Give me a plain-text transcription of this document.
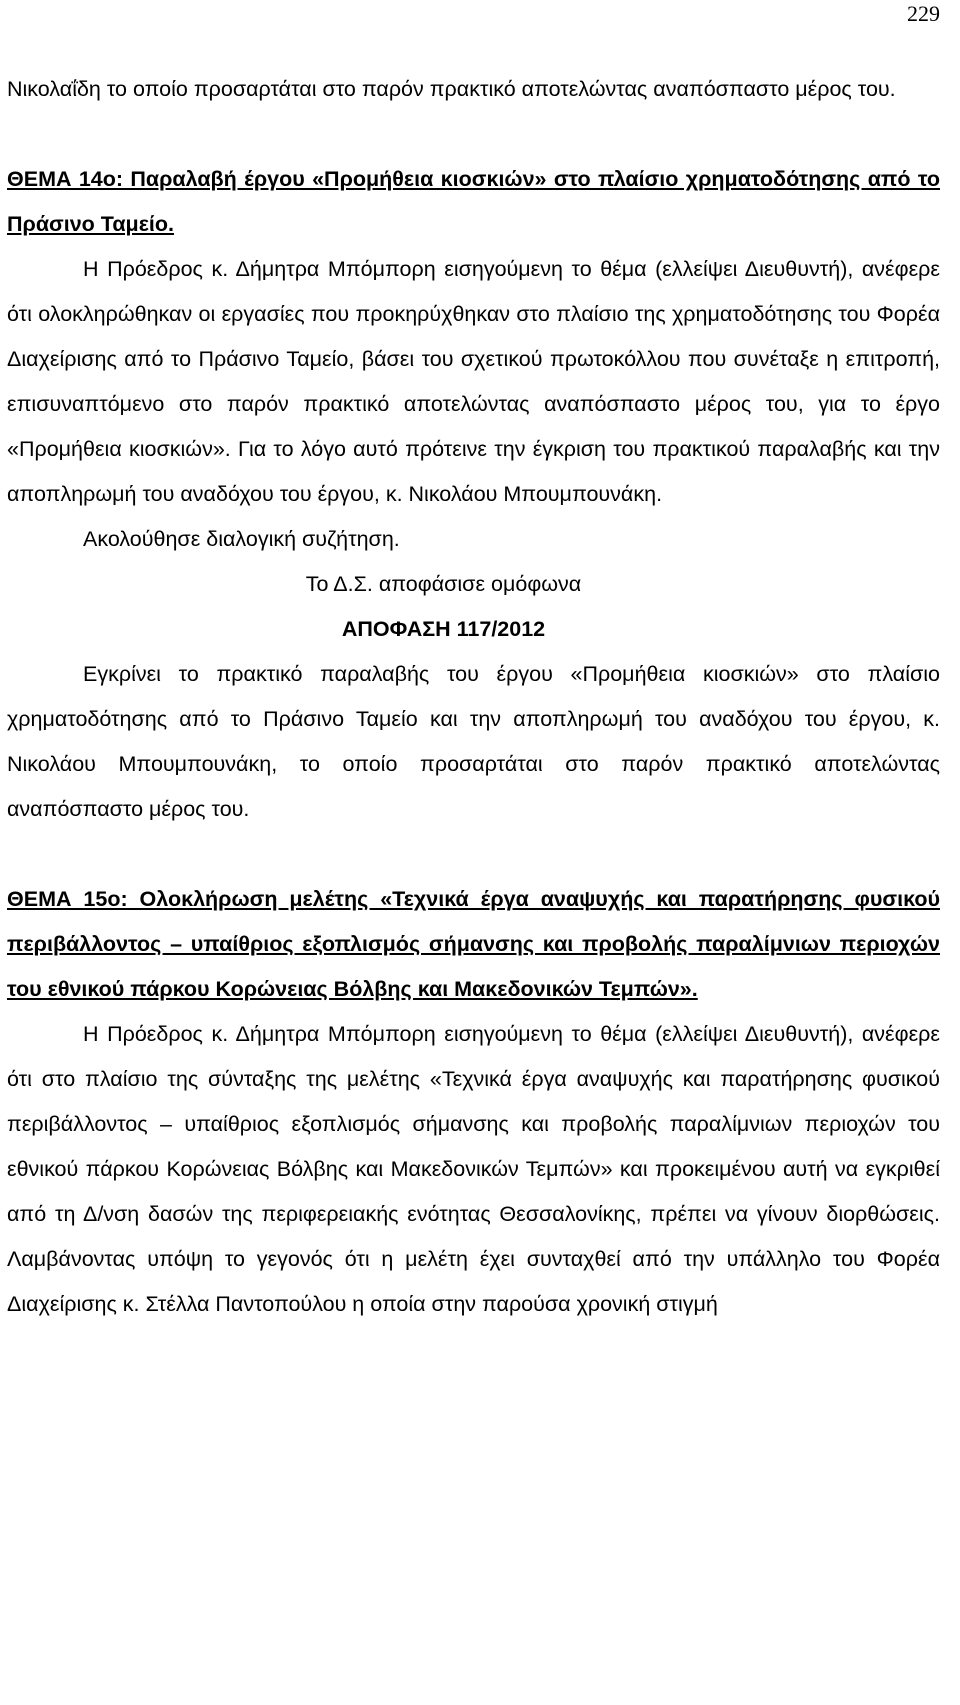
229

Νικολαΐδη το οποίο προσαρτάται στο παρόν πρακτικό αποτελώντας αναπόσπαστο μέρος του.

ΘΕΜΑ 14ο: Παραλαβή έργου «Προμήθεια κιοσκιών» στο πλαίσιο χρηματοδότησης από το Πράσινο Ταμείο.

Η Πρόεδρος κ. Δήμητρα Μπόμπορη εισηγούμενη το θέμα (ελλείψει Διευθυντή), ανέφερε ότι ολοκληρώθηκαν οι εργασίες που προκηρύχθηκαν στο πλαίσιο της χρηματοδότησης του Φορέα Διαχείρισης από το Πράσινο Ταμείο, βάσει του σχετικού πρωτοκόλλου που συνέταξε η επιτροπή, επισυναπτόμενο στο παρόν πρακτικό αποτελώντας αναπόσπαστο μέρος του, για το έργο «Προμήθεια κιοσκιών». Για το λόγο αυτό πρότεινε την έγκριση του πρακτικού παραλαβής και την αποπληρωμή του αναδόχου του έργου, κ. Νικολάου Μπουμπουνάκη.

Ακολούθησε διαλογική συζήτηση.

Το Δ.Σ. αποφάσισε ομόφωνα

ΑΠΟΦΑΣΗ 117/2012

Εγκρίνει το πρακτικό παραλαβής του έργου «Προμήθεια κιοσκιών» στο πλαίσιο χρηματοδότησης από το Πράσινο Ταμείο και την αποπληρωμή του αναδόχου του έργου, κ. Νικολάου Μπουμπουνάκη, το οποίο προσαρτάται στο παρόν πρακτικό αποτελώντας αναπόσπαστο μέρος του.

ΘΕΜΑ 15ο: Ολοκλήρωση μελέτης «Τεχνικά έργα αναψυχής και παρατήρησης φυσικού περιβάλλοντος – υπαίθριος εξοπλισμός σήμανσης και προβολής παραλίμνιων περιοχών του εθνικού πάρκου Κορώνειας Βόλβης και Μακεδονικών Τεμπών».

Η Πρόεδρος κ. Δήμητρα Μπόμπορη εισηγούμενη το θέμα (ελλείψει Διευθυντή), ανέφερε ότι στο πλαίσιο της σύνταξης της μελέτης «Τεχνικά έργα αναψυχής και παρατήρησης φυσικού περιβάλλοντος – υπαίθριος εξοπλισμός σήμανσης και προβολής παραλίμνιων περιοχών του εθνικού πάρκου Κορώνειας Βόλβης και Μακεδονικών Τεμπών» και προκειμένου αυτή να εγκριθεί από τη Δ/νση δασών της περιφερειακής ενότητας Θεσσαλονίκης, πρέπει να γίνουν διορθώσεις. Λαμβάνοντας υπόψη το γεγονός ότι η μελέτη έχει συνταχθεί από την υπάλληλο του Φορέα Διαχείρισης κ. Στέλλα Παντοπούλου η οποία στην παρούσα χρονική στιγμή
